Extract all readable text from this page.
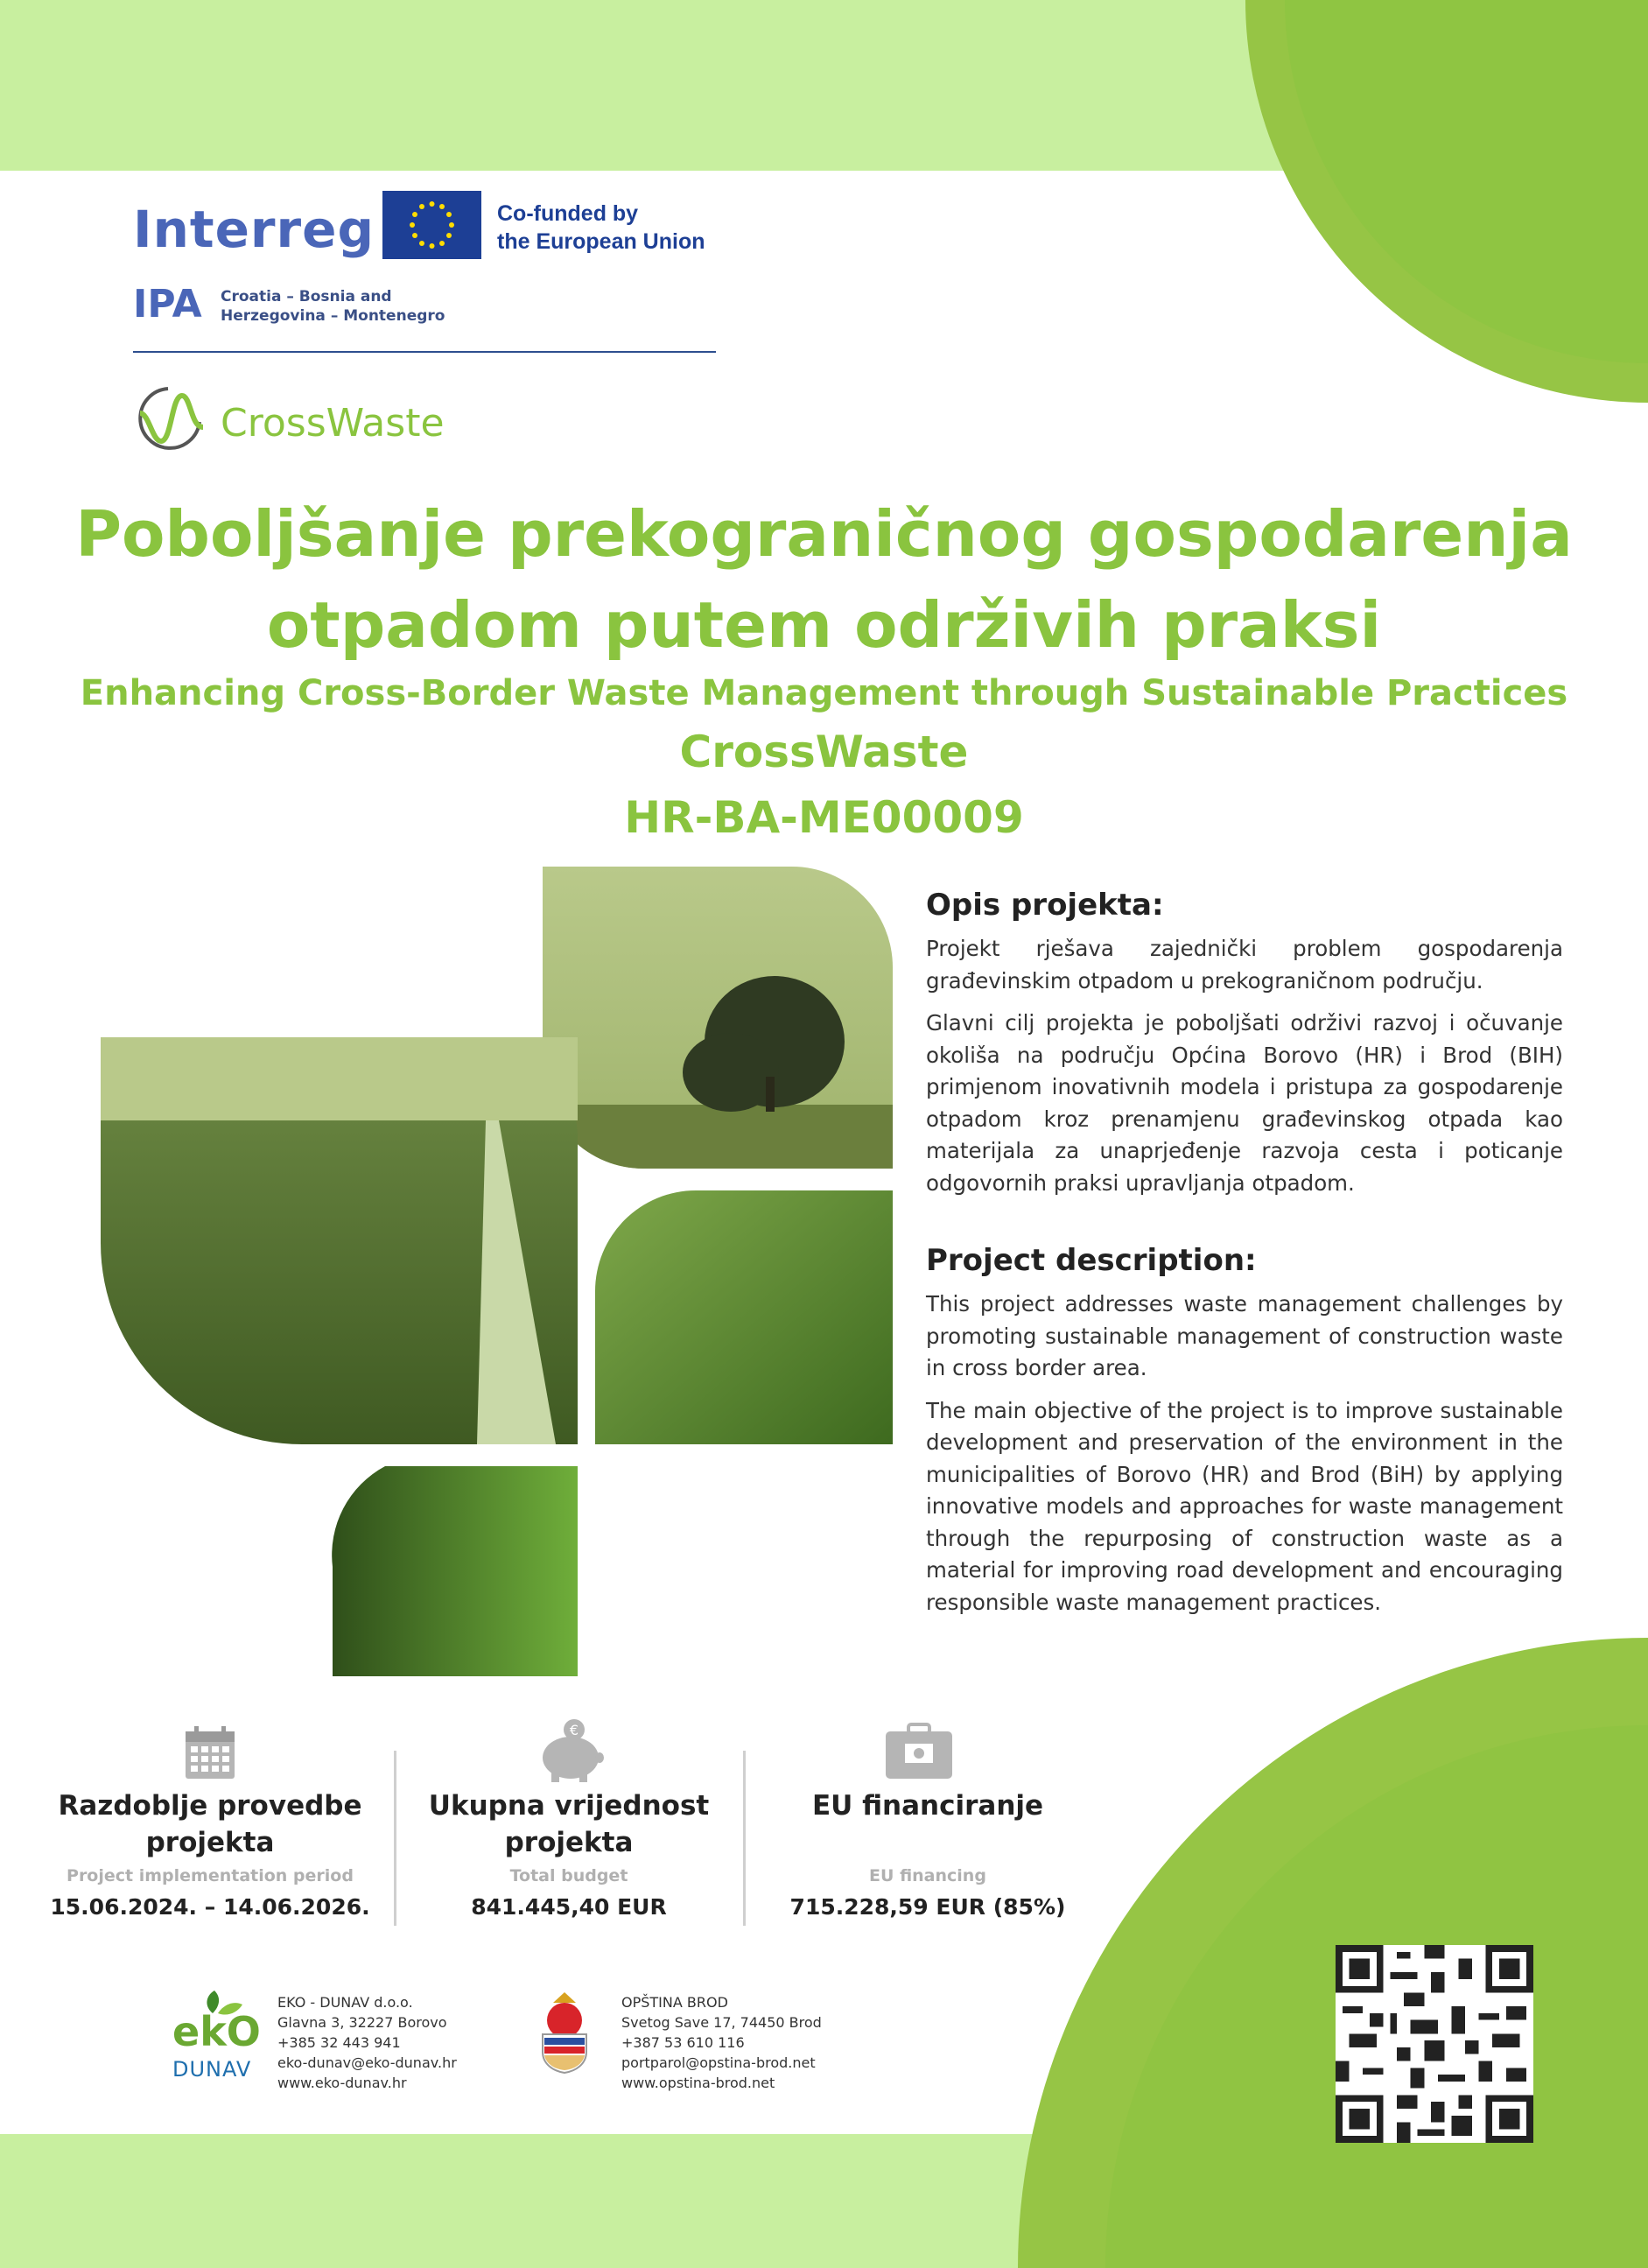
Interreg	Co-funded by
the European Union
IPA Croatia – Bosnia and
Herzegovina – Montenegro
CrossWaste
Poboljšanje prekograničnog gospodarenja
otpadom putem održivih praksi
Enhancing Cross-Border Waste Management through Sustainable Practices
CrossWaste
HR-BA-ME00009
Opis projekta:

Projekt rješava zajednički problem gospodarenja građevinskim otpadom u prekograničnom području.

Glavni cilj projekta je poboljšati održivi razvoj i očuvanje okoliša na području Općina Borovo (HR) i Brod (BIH) primjenom inovativnih modela i pristupa za gospodarenje otpadom kroz prenamjenu građevinskog otpada kao materijala za unaprjeđenje razvoja cesta i poticanje odgovornih praksi upravljanja otpadom.

Project description:

This project addresses waste management challenges by promoting sustainable management of construction waste in cross border area.

The main objective of the project is to improve sustainable development and preservation of the environment in the municipalities of Borovo (HR) and Brod (BiH) by applying innovative models and approaches for waste management through the repurposing of construction waste as a material for improving road development and encouraging responsible waste management practices.

€
Razdoblje provedbe projekta
Project implementation period
15.06.2024. – 14.06.2026.
Ukupna vrijednost projekta
Total budget
841.445,40 EUR
EU financiranje
EU financing
715.228,59 EUR (85%)
ekO
DUNAV
EKO - DUNAV d.o.o.
Glavna 3, 32227 Borovo
+385 32 443 941
eko-dunav@eko-dunav.hr
www.eko-dunav.hr
OPŠTINA BROD
Svetog Save 17, 74450 Brod
+387 53 610 116
portparol@opstina-brod.net
www.opstina-brod.net
